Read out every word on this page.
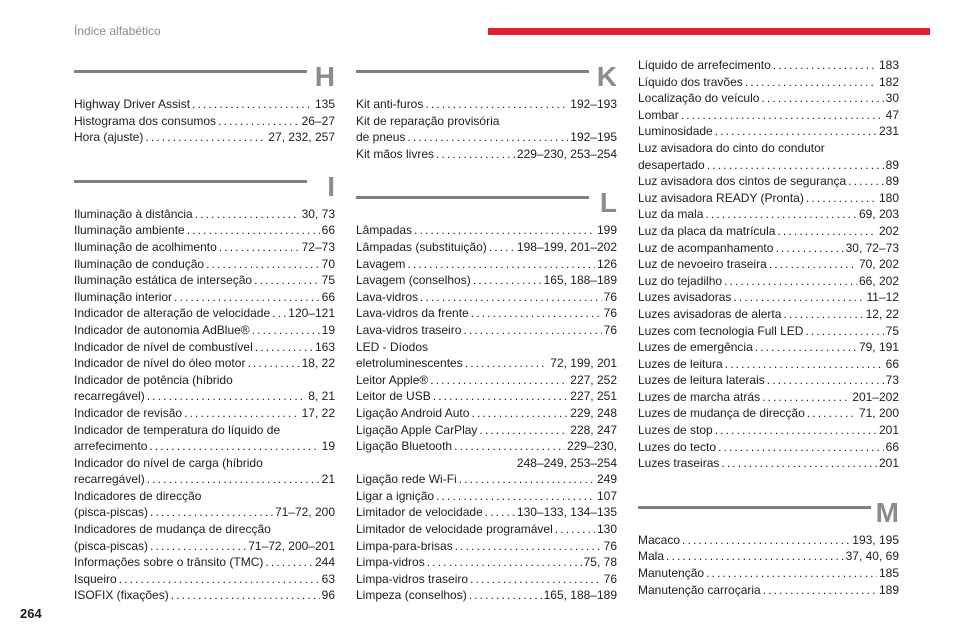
Índice alfabético
H
Highway Driver Assist . . .	135
Histograma dos consumos . . .	26–27
Hora (ajuste) . . .	27, 232, 257
I
Iluminação à distância . . .	30, 73
Iluminação ambiente . . .	66
Iluminação de acolhimento . . .	72–73
Iluminação de condução . . .	70
Iluminação estática de interseção . . .	75
Iluminação interior . . .	66
Indicador de alteração de velocidade . . . 120–121
Indicador de autonomia AdBlue® . . .	19
Indicador de nível de combustível . . .	163
Indicador de nível do óleo motor . . .	18, 22
Indicador de potência (híbrido
recarregável) . . .	8, 21
Indicador de revisão . . .	17, 22
Indicador de temperatura do líquido de
arrefecimento . . .	19
Indicador do nível de carga (híbrido
recarregável) . . .	21
Indicadores de direcção
(pisca-piscas) . . .	71–72, 200
Indicadores de mudança de direcção
(pisca-piscas) . . .	71–72, 200–201
Informações sobre o trânsito (TMC) . . .	244
Isqueiro . . .	63
ISOFIX (fixações) . . .	96
K
Kit anti-furos . . .	192–193
Kit de reparação provisória
de pneus . . .	192–195
Kit mãos livres . . .	229–230, 253–254
L
Lâmpadas . . .	199
Lâmpadas (substituição) . . .	198–199, 201–202
Lavagem . . .	126
Lavagem (conselhos) . . .	165, 188–189
Lava-vidros . . .	76
Lava-vidros da frente . . .	76
Lava-vidros traseiro . . .	76
LED - Díodos
eletroluminescentes . . .	72, 199, 201
Leitor Apple® . . .	227, 252
Leitor de USB . . .	227, 251
Ligação Android Auto . . .	229, 248
Ligação Apple CarPlay . . .	228, 247
Ligação Bluetooth . . .	229–230,
248–249, 253–254
Ligação rede Wi-Fi . . .	249
Ligar a ignição . . .	107
Limitador de velocidade . . .	130–133, 134–135
Limitador de velocidade programável . . .	130
Limpa-para-brisas . . .	76
Limpa-vidros . . .	75, 78
Limpa-vidros traseiro . . .	76
Limpeza (conselhos) . . .	165, 188–189
Líquido de arrefecimento . . .	183
Líquido dos travões . . .	182
Localização do veículo . . .	30
Lombar . . .	47
Luminosidade . . .	231
Luz avisadora do cinto do condutor
desapertado . . .	89
Luz avisadora dos cintos de segurança . . .	89
Luz avisadora READY (Pronta) . . .	180
Luz da mala . . .	69, 203
Luz da placa da matrícula . . .	202
Luz de acompanhamento . . .	30, 72–73
Luz de nevoeiro traseira . . .	70, 202
Luz do tejadilho . . .	66, 202
Luzes avisadoras . . .	11–12
Luzes avisadoras de alerta . . .	12, 22
Luzes com tecnologia Full LED . . .	75
Luzes de emergência . . .	79, 191
Luzes de leitura . . .	66
Luzes de leitura laterais . . .	73
Luzes de marcha atrás . . .	201–202
Luzes de mudança de direcção . . .	71, 200
Luzes de stop . . .	201
Luzes do tecto . . .	66
Luzes traseiras . . .	201
M
Macaco . . .	193, 195
Mala . . .	37, 40, 69
Manutenção . . .	185
Manutenção carroçaria . . .	189
264
